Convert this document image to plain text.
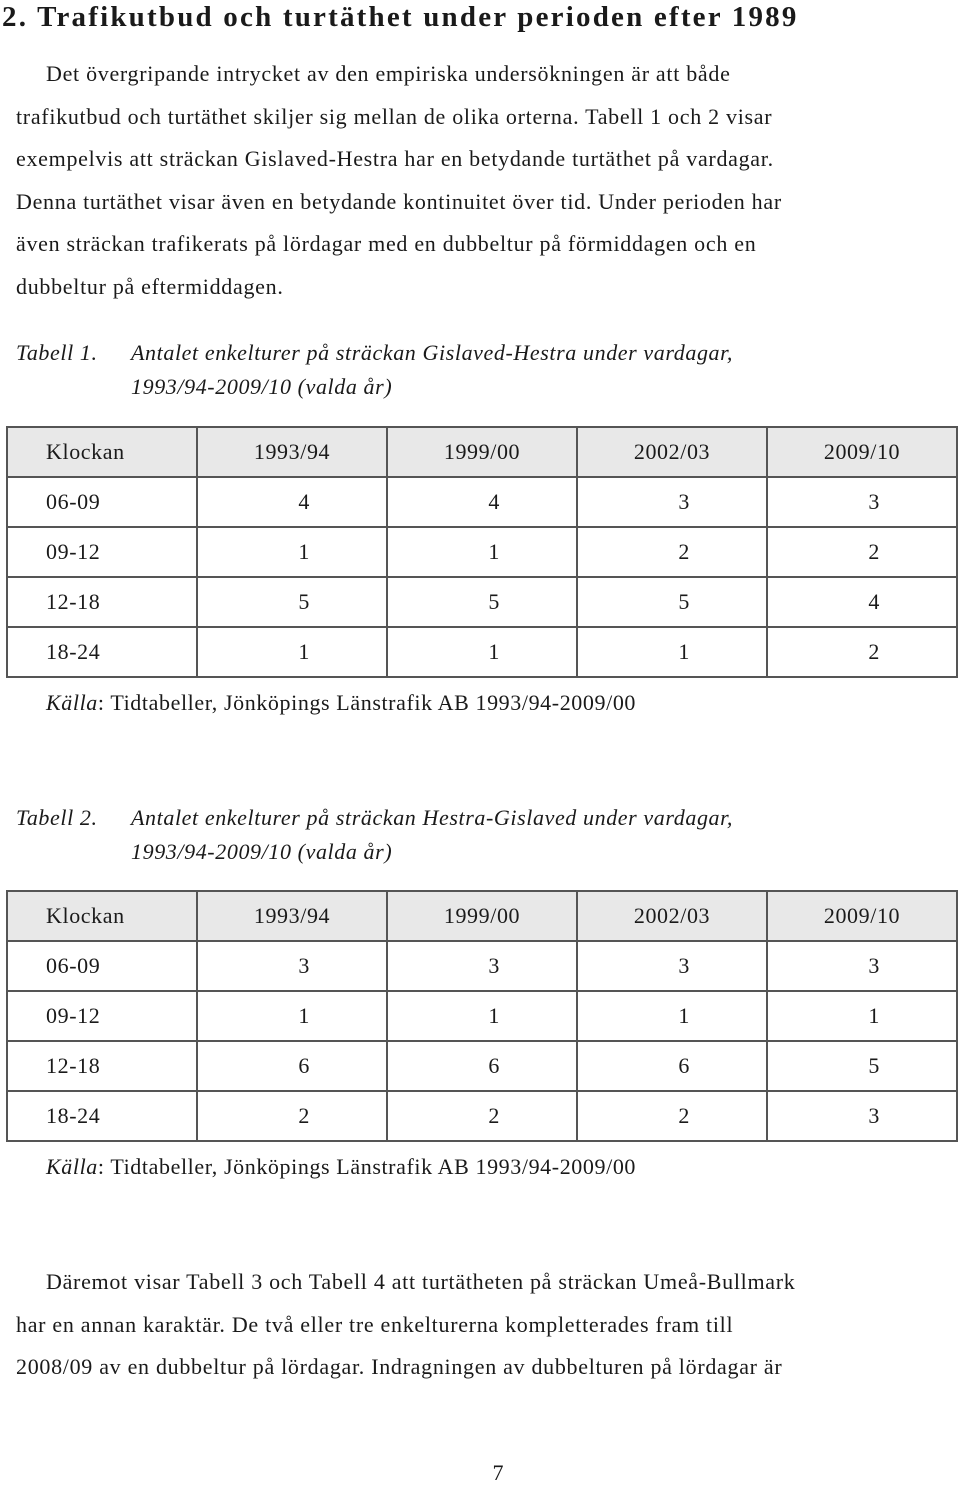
2. Trafikutbud och turtäthet under perioden efter 1989

Det övergripande intrycket av den empiriska undersökningen är att både

trafikutbud och turtäthet skiljer sig mellan de olika orterna. Tabell 1 och 2 visar

exempelvis att sträckan Gislaved-Hestra har en betydande turtäthet på vardagar.

Denna turtäthet visar även en betydande kontinuitet över tid. Under perioden har

även sträckan trafikerats på lördagar med en dubbeltur på förmiddagen och en

dubbeltur på eftermiddagen.

Tabell 1. Antalet enkelturer på sträckan Gislaved-Hestra under vardagar,
1993/94-2009/10 (valda år)
Klockan	1993/94	1999/00	2002/03	2009/10
06-09	4	4	3	3
09-12	1	1	2	2
12-18	5	5	5	4
18-24	1	1	1	2
Källa: Tidtabeller, Jönköpings Länstrafik AB 1993/94-2009/00
Tabell 2. Antalet enkelturer på sträckan Hestra-Gislaved under vardagar,
1993/94-2009/10 (valda år)
Klockan	1993/94	1999/00	2002/03	2009/10
06-09	3	3	3	3
09-12	1	1	1	1
12-18	6	6	6	5
18-24	2	2	2	3
Källa: Tidtabeller, Jönköpings Länstrafik AB 1993/94-2009/00

Däremot visar Tabell 3 och Tabell 4 att turtätheten på sträckan Umeå-Bullmark

har en annan karaktär. De två eller tre enkelturerna kompletterades fram till

2008/09 av en dubbeltur på lördagar. Indragningen av dubbelturen på lördagar är

7
